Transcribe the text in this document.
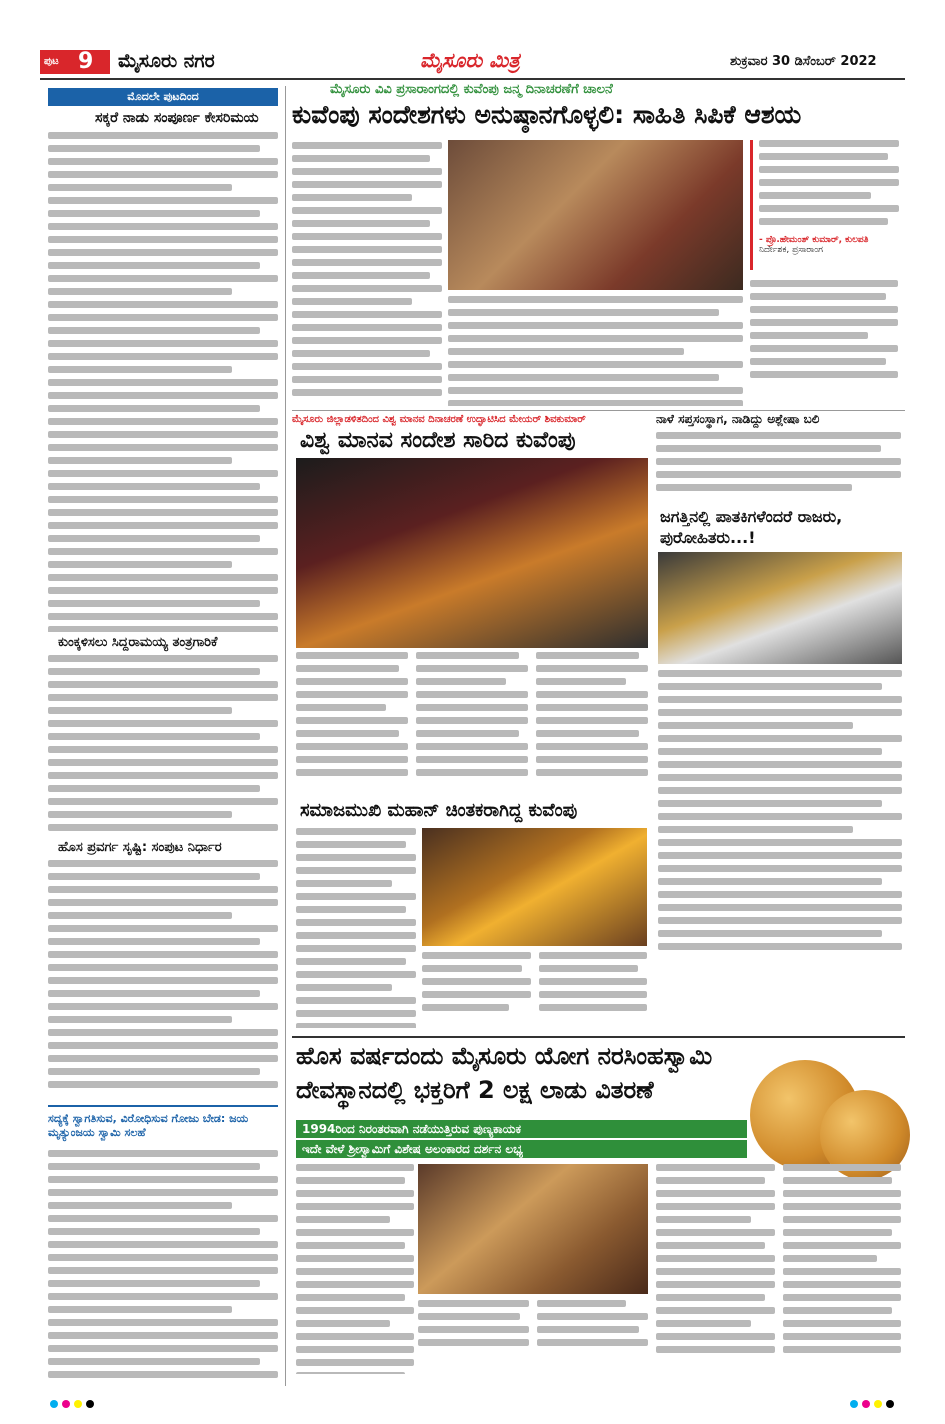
ಪುಟ 9 ಮೈಸೂರು ನಗರ	ಮೈಸೂರು ಮಿತ್ರ	ಶುಕ್ರವಾರ 30 ಡಿಸೆಂಬರ್ 2022
ಮೊದಲೇ ಪುಟದಿಂದ
ಸಕ್ಕರೆ ನಾಡು ಸಂಪೂರ್ಣ ಕೇಸರಿಮಯ
ಕುಂಕ್ಕಳಿಸಲು ಸಿದ್ದರಾಮಯ್ಯ ತಂತ್ರಗಾರಿಕೆ
ಹೊಸ ಪ್ರವರ್ಗ ಸೃಷ್ಟಿ: ಸಂಪುಟ ನಿರ್ಧಾರ
ಸದ್ಯಕ್ಕೆ ಸ್ವಾಗತಿಸುವ, ವಿರೋಧಿಸುವ ಗೋಜು ಬೇಡ: ಜಯ ಮೃತ್ಯುಂಜಯ ಸ್ವಾಮಿ ಸಲಹೆ
ಮೈಸೂರು ವಿವಿ ಪ್ರಸಾರಾಂಗದಲ್ಲಿ ಕುವೆಂಪು ಜನ್ಮ ದಿನಾಚರಣೆಗೆ ಚಾಲನೆ
ಕುವೆಂಪು ಸಂದೇಶಗಳು ಅನುಷ್ಠಾನಗೊಳ್ಳಲಿ: ಸಾಹಿತಿ ಸಿಪಿಕೆ ಆಶಯ
- ಪ್ರೊ.ಹೇಮಂತ್ ಕುಮಾರ್, ಕುಲಪತಿ
ನಿರ್ದೇಶಕ, ಪ್ರಸಾರಾಂಗ
ಮೈಸೂರು ಜಿಲ್ಲಾಡಳಿತದಿಂದ ವಿಶ್ವ ಮಾನವ ದಿನಾಚರಣೆ ಉದ್ಘಾಟಿಸಿದ ಮೇಯರ್ ಶಿವಕುಮಾರ್
ವಿಶ್ವ ಮಾನವ ಸಂದೇಶ ಸಾರಿದ ಕುವೆಂಪು
ನಾಳೆ ಸಪ್ತಸಂಸ್ಥಾಗ, ನಾಡಿದ್ದು ಅಶ್ಲೇಷಾ ಬಲಿ
ಜಗತ್ತಿನಲ್ಲಿ ಪಾತಕಿಗಳೆಂದರೆ ರಾಜರು, ಪುರೋಹಿತರು...!
ಸಮಾಜಮುಖಿ ಮಹಾನ್ ಚಿಂತಕರಾಗಿದ್ದ ಕುವೆಂಪು
ಹೊಸ ವರ್ಷದಂದು ಮೈಸೂರು ಯೋಗ ನರಸಿಂಹಸ್ವಾಮಿ
ದೇವಸ್ಥಾನದಲ್ಲಿ ಭಕ್ತರಿಗೆ 2 ಲಕ್ಷ ಲಾಡು ವಿತರಣೆ
1994ರಿಂದ ನಿರಂತರವಾಗಿ ನಡೆಯುತ್ತಿರುವ ಪುಣ್ಯಕಾಯಕ
ಇದೇ ವೇಳೆ ಶ್ರೀಸ್ವಾಮಿಗೆ ವಿಶೇಷ ಅಲಂಕಾರದ ದರ್ಶನ ಲಭ್ಯ
